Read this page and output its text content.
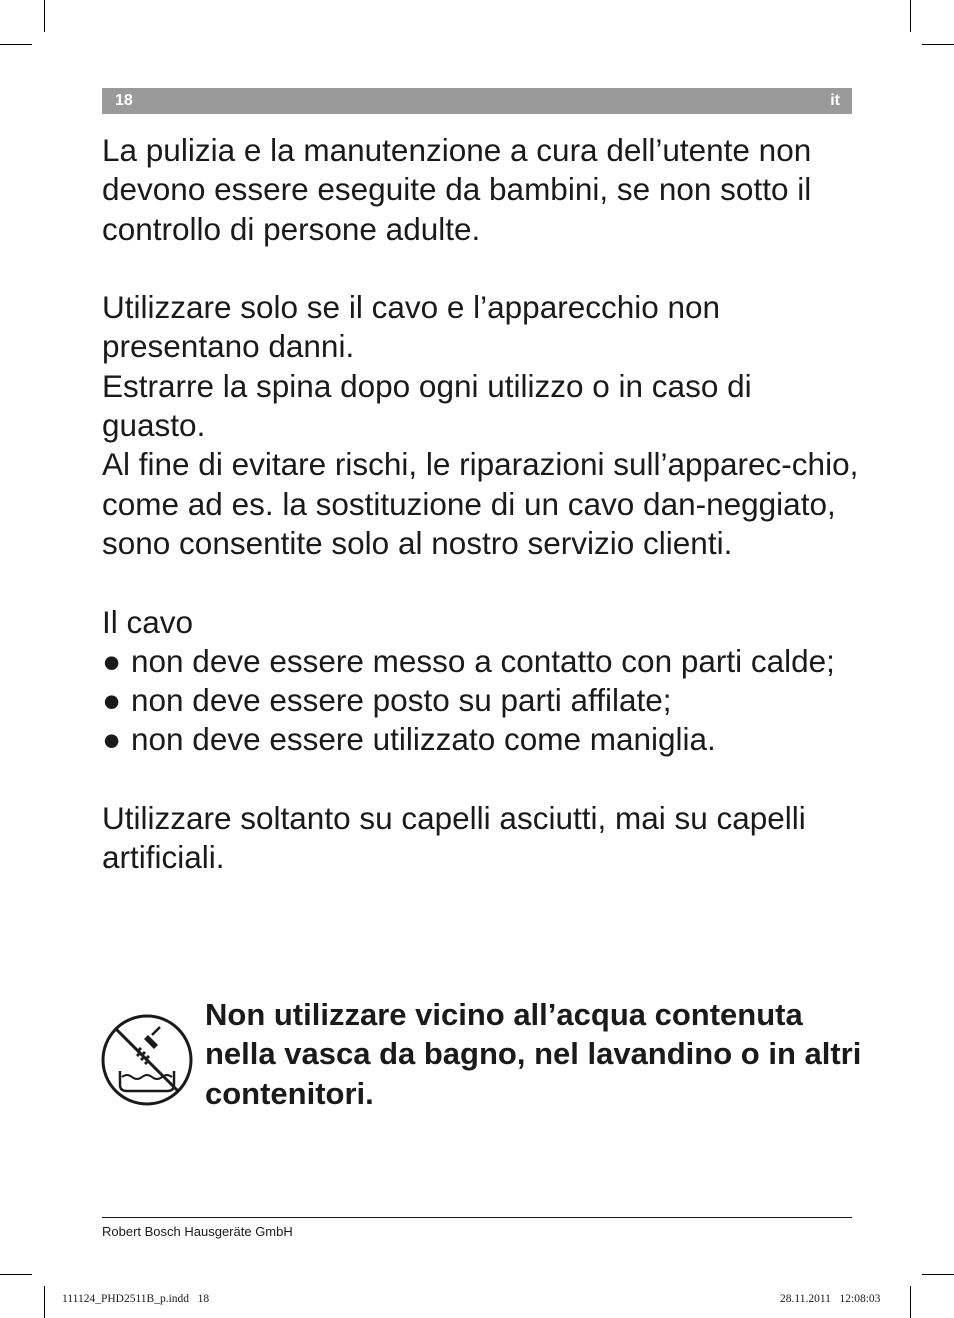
18	it

La pulizia e la manutenzione a cura dell’utente non devono essere eseguite da bambini, se non sotto il controllo di persone adulte.

Utilizzare solo se il cavo e l’apparecchio non presentano danni.

Estrarre la spina dopo ogni utilizzo o in caso di guasto.

Al fine di evitare rischi, le riparazioni sull’apparec-chio, come ad es. la sostituzione di un cavo dan-neggiato, sono consentite solo al nostro servizio clienti.

Il cavo

● non deve essere messo a contatto con parti calde;
● non deve essere posto su parti affilate;
● non deve essere utilizzato come maniglia.

Utilizzare soltanto su capelli asciutti, mai su capelli artificiali.

Non utilizzare vicino all’acqua contenuta nella vasca da bagno, nel lavandino o in altri contenitori.
Robert Bosch Hausgeräte GmbH
111124_PHD2511B_p.indd   18	28.11.2011   12:08:03
